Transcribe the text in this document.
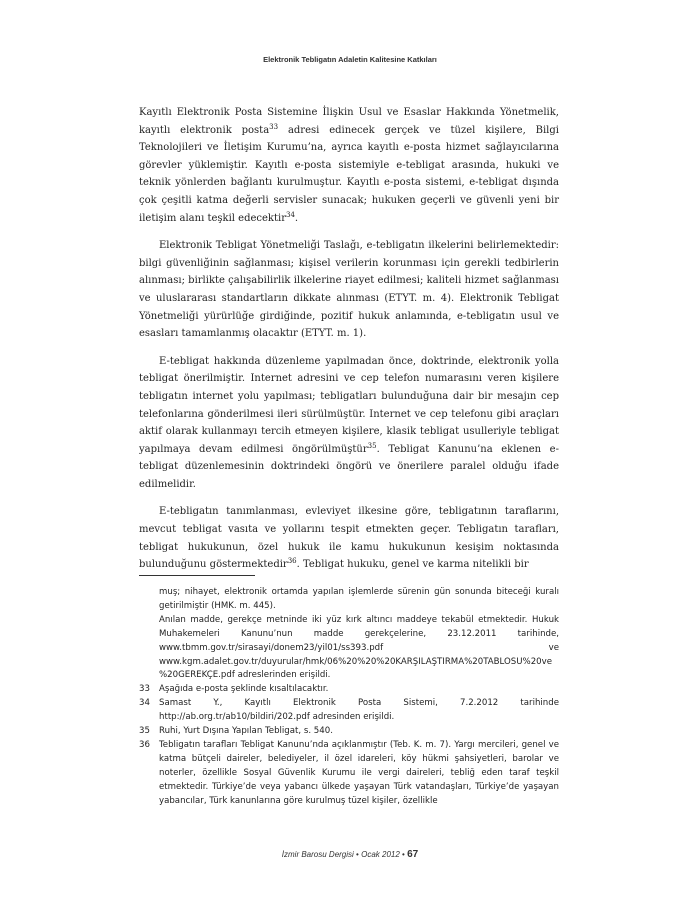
Elektronik Tebligatın Adaletin Kalitesine Katkıları

Kayıtlı Elektronik Posta Sistemine İlişkin Usul ve Esaslar Hakkında Yönetmelik, kayıtlı elektronik posta$^{33}$ adresi edinecek gerçek ve tüzel kişilere, Bilgi Teknolojileri ve İletişim Kurumu’na, ayrıca kayıtlı e-posta hizmet sağlayıcılarına görevler yüklemiştir. Kayıtlı e-posta sistemiyle e-tebligat arasında, hukuki ve teknik yönlerden bağlantı kurulmuştur. Kayıtlı e-posta sistemi, e-tebligat dışında çok çeşitli katma değerli servisler sunacak; hukuken geçerli ve güvenli yeni bir iletişim alanı teşkil edecektir$^{34}$.

Elektronik Tebligat Yönetmeliği Taslağı, e-tebligatın ilkelerini belirlemektedir: bilgi güvenliğinin sağlanması; kişisel verilerin korunması için gerekli tedbirlerin alınması; birlikte çalışabilirlik ilkelerine riayet edilmesi; kaliteli hizmet sağlanması ve uluslararası standartların dikkate alınması (ETYT. m. 4). Elektronik Tebligat Yönetmeliği yürürlüğe girdiğinde, pozitif hukuk anlamında, e-tebligatın usul ve esasları tamamlanmış olacaktır (ETYT. m. 1).

E-tebligat hakkında düzenleme yapılmadan önce, doktrinde, elektronik yolla tebligat önerilmiştir. Internet adresini ve cep telefon numarasını veren kişilere tebligatın internet yolu yapılması; tebligatları bulunduğuna dair bir mesajın cep telefonlarına gönderilmesi ileri sürülmüştür. Internet ve cep telefonu gibi araçları aktif olarak kullanmayı tercih etmeyen kişilere, klasik tebligat usulleriyle tebligat yapılmaya devam edilmesi öngörülmüştür$^{35}$. Tebligat Kanunu’na eklenen e-tebligat düzenlemesinin doktrindeki öngörü ve önerilere paralel olduğu ifade edilmelidir.

E-tebligatın tanımlanması, evleviyet ilkesine göre, tebligatının taraflarını, mevcut tebligat vasıta ve yollarını tespit etmekten geçer. Tebligatın tarafları, tebligat hukukunun, özel hukuk ile kamu hukukunun kesişim noktasında bulunduğunu göstermektedir$^{36}$. Tebligat hukuku, genel ve karma nitelikli bir

muş; nihayet, elektronik ortamda yapılan işlemlerde sürenin gün sonunda biteceği kuralı getirilmiştir (HMK. m. 445).
Anılan madde, gerekçe metninde iki yüz kırk altıncı maddeye tekabül etmektedir. Hukuk Muhakemeleri Kanunu’nun madde gerekçelerine, 23.12.2011 tarihinde, www.tbmm.gov.tr/sirasayi/donem23/yil01/ss393.pdf ve www.kgm.adalet.gov.tr/duyurular/hmk/06%20%20%20KARŞILAŞTIRMA%20TABLOSU%20ve%20GEREKÇE.pdf adreslerinden erişildi.
33	Aşağıda e-posta şeklinde kısaltılacaktır.
34	Samast Y., Kayıtlı Elektronik Posta Sistemi, 7.2.2012 tarihinde http://ab.org.tr/ab10/bildiri/202.pdf adresinden erişildi.
35	Ruhi, Yurt Dışına Yapılan Tebligat, s. 540.
36	Tebligatın tarafları Tebligat Kanunu’nda açıklanmıştır (Teb. K. m. 7). Yargı mercileri, genel ve katma bütçeli daireler, belediyeler, il özel idareleri, köy hükmi şahsiyetleri, barolar ve noterler, özellikle Sosyal Güvenlik Kurumu ile vergi daireleri, tebliğ eden taraf teşkil etmektedir. Türkiye’de veya yabancı ülkede yaşayan Türk vatandaşları, Türkiye’de yaşayan yabancılar, Türk kanunlarına göre kurulmuş tüzel kişiler, özellikle
İzmir Barosu Dergisi • Ocak 2012 • 67
